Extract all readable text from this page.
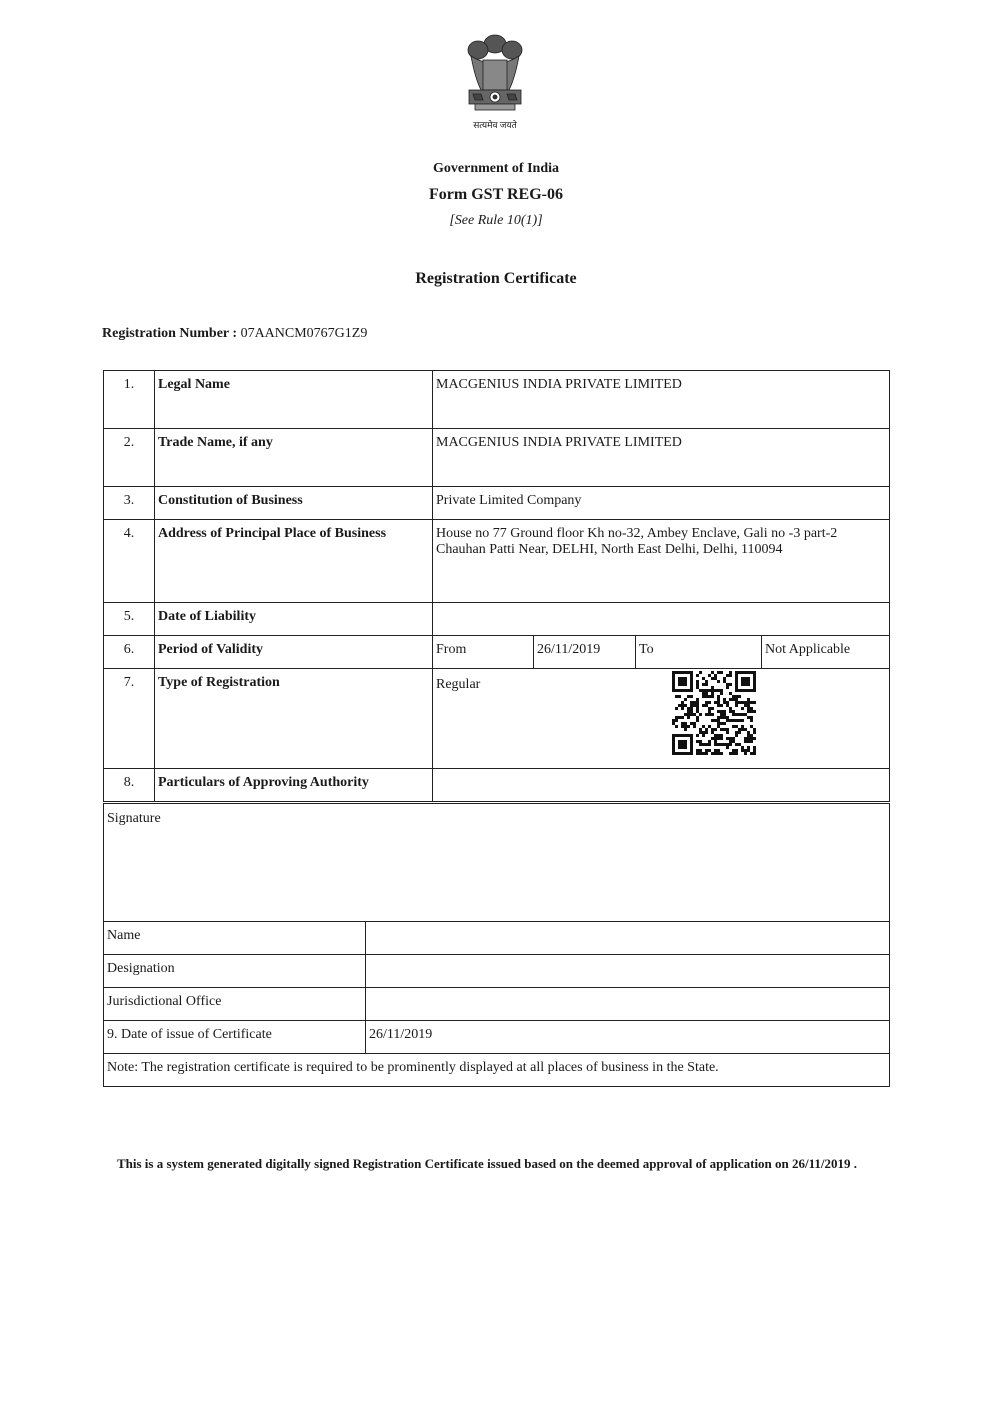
सत्यमेव जयते
Government of India
Form GST REG-06
[See Rule 10(1)]
Registration Certificate
Registration Number : 07AANCM0767G1Z9
1.	Legal Name	MACGENIUS INDIA PRIVATE LIMITED			
2.	Trade Name, if any	MACGENIUS INDIA PRIVATE LIMITED			
3.	Constitution of Business	Private Limited Company			
4.	Address of Principal Place of Business	House no 77 Ground floor Kh no-32, Ambey Enclave, Gali no -3 part-2 Chauhan Patti Near, DELHI, North East Delhi, Delhi, 110094			
5.	Date of Liability				
6.	Period of Validity	From	26/11/2019	To	Not Applicable
7.	Type of Registration	Regular			

8.	Particulars of Approving Authority				
Signature	
Name	
Designation	
Jurisdictional Office	
9. Date of issue of Certificate	26/11/2019
Note: The registration certificate is required to be prominently displayed at all places of business in the State.	
This is a system generated digitally signed Registration Certificate issued based on the deemed approval of application on 26/11/2019 .
